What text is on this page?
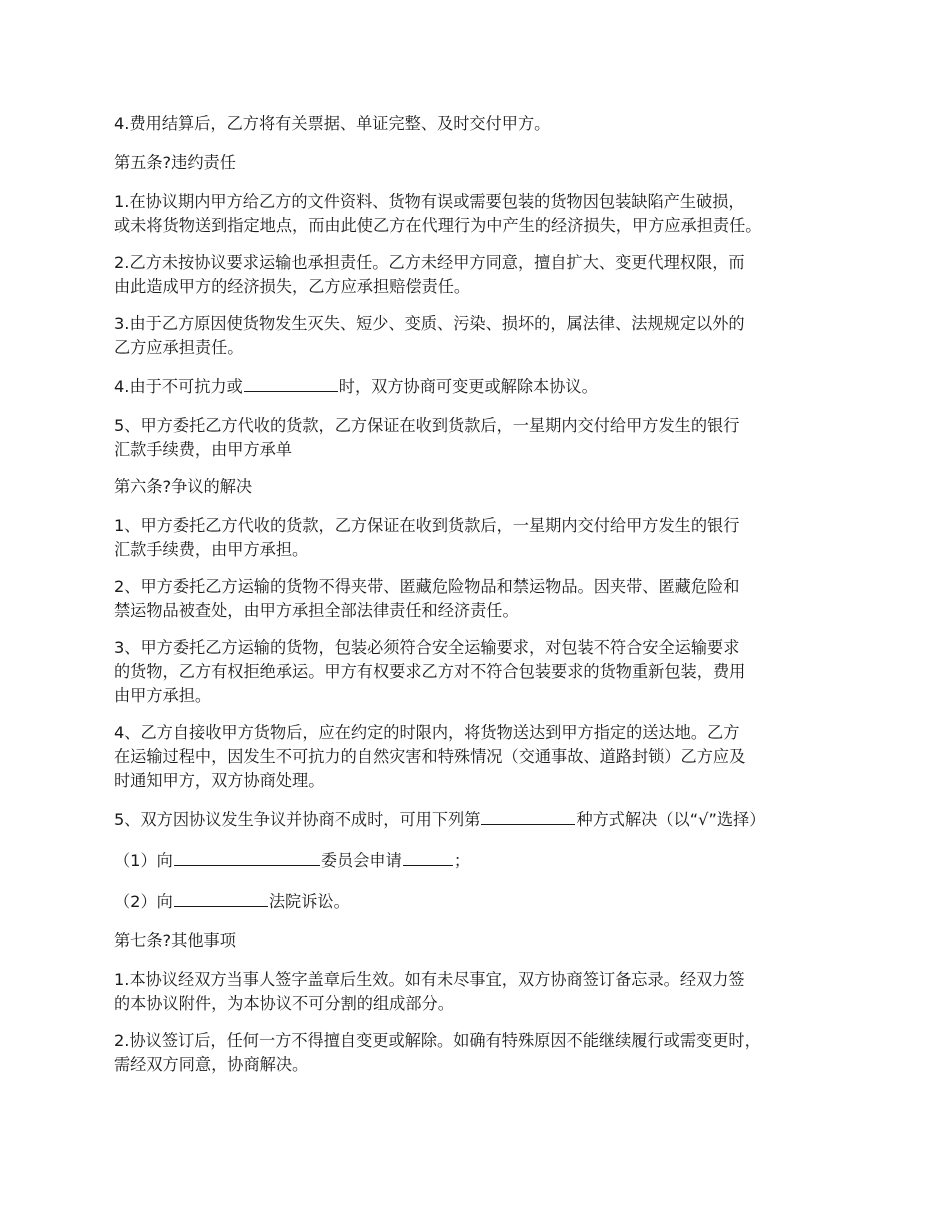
4.费用结算后，乙方将有关票据、单证完整、及时交付甲方。

第五条?违约责任

1.在协议期内甲方给乙方的文件资料、货物有误或需要包装的货物因包装缺陷产生破损，
或未将货物送到指定地点，而由此使乙方在代理行为中产生的经济损失，甲方应承担责任。

2.乙方未按协议要求运输也承担责任。乙方未经甲方同意，擅自扩大、变更代理权限，而
由此造成甲方的经济损失，乙方应承担赔偿责任。

3.由于乙方原因使货物发生灭失、短少、变质、污染、损坏的，属法律、法规规定以外的
乙方应承担责任。

4.由于不可抗力或	时，双方协商可变更或解除本协议。

5、甲方委托乙方代收的货款，乙方保证在收到货款后，一星期内交付给甲方发生的银行
汇款手续费，由甲方承单

第六条?争议的解决

1、甲方委托乙方代收的货款，乙方保证在收到货款后，一星期内交付给甲方发生的银行
汇款手续费，由甲方承担。

2、甲方委托乙方运输的货物不得夹带、匿藏危险物品和禁运物品。因夹带、匿藏危险和
禁运物品被查处，由甲方承担全部法律责任和经济责任。

3、甲方委托乙方运输的货物，包装必须符合安全运输要求，对包装不符合安全运输要求
的货物，乙方有权拒绝承运。甲方有权要求乙方对不符合包装要求的货物重新包装，费用
由甲方承担。

4、乙方自接收甲方货物后，应在约定的时限内，将货物送达到甲方指定的送达地。乙方
在运输过程中，因发生不可抗力的自然灾害和特殊情况（交通事故、道路封锁）乙方应及
时通知甲方，双方协商处理。

5、双方因协议发生争议并协商不成时，可用下列第	种方式解决（以“√”选择）

（1）向	委员会申请	；

（2）向	法院诉讼。

第七条?其他事项

1.本协议经双方当事人签字盖章后生效。如有未尽事宜，双方协商签订备忘录。经双力签
的本协议附件，为本协议不可分割的组成部分。

2.协议签订后，任何一方不得擅自变更或解除。如确有特殊原因不能继续履行或需变更时，
需经双方同意，协商解决。
